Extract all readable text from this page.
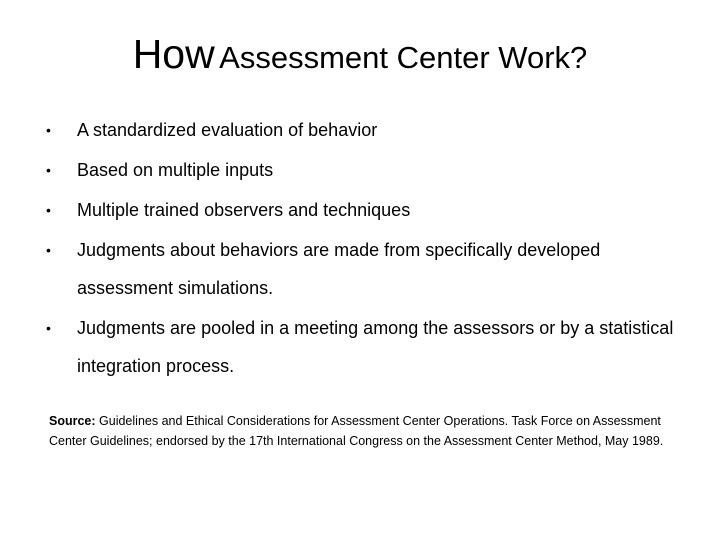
How Assessment Center Work?
• A standardized evaluation of behavior
• Based on multiple inputs
• Multiple trained observers and techniques
• Judgments about behaviors are made from specifically developed assessment simulations.
• Judgments are pooled in a meeting among the assessors or by a statistical integration process.
Source: Guidelines and Ethical Considerations for Assessment Center Operations. Task Force on Assessment Center Guidelines; endorsed by the 17th International Congress on the Assessment Center Method, May 1989.
